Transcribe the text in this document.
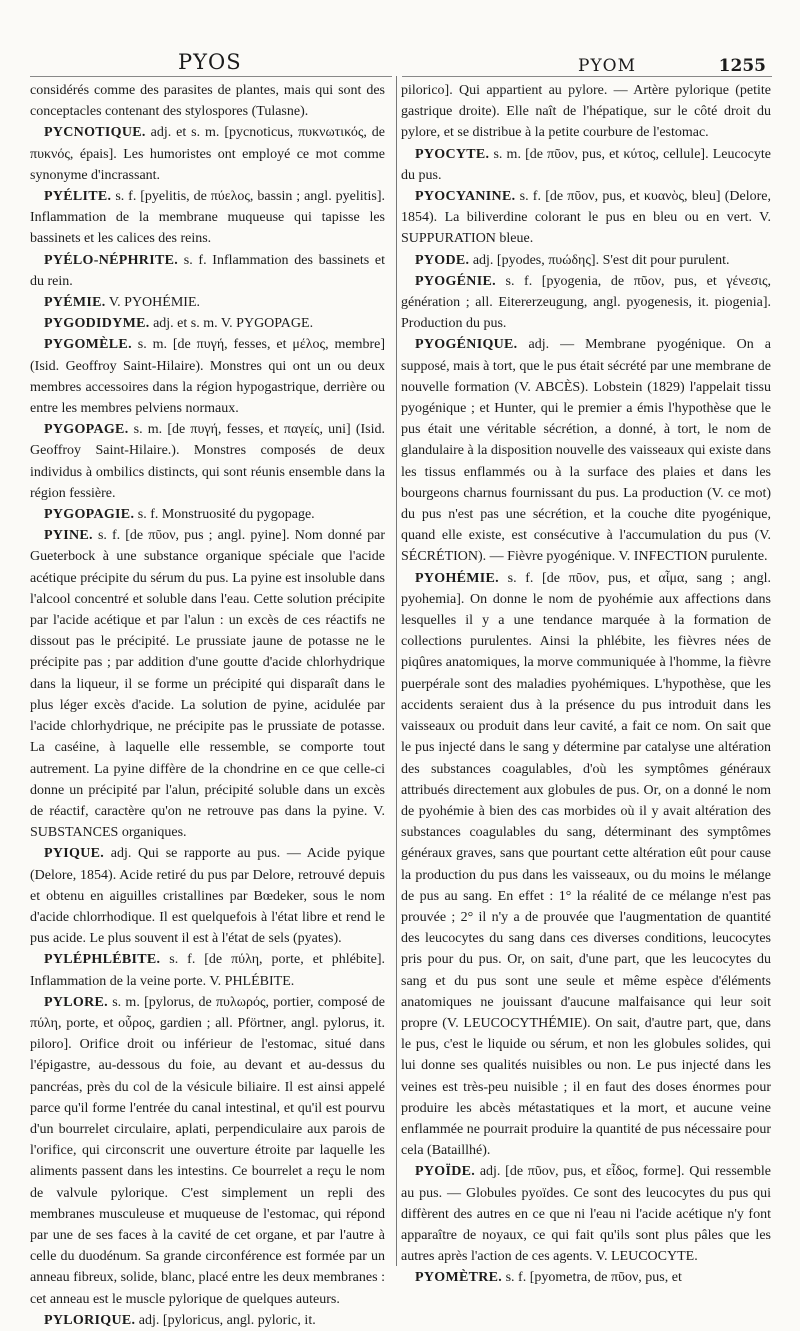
PYOS	PYOM	1255

considérés comme des parasites de plantes, mais qui sont des conceptacles contenant des stylospores (Tulasne).

PYCNOTIQUE. adj. et s. m. [pycnoticus, πυκνωτικός, de πυκνός, épais]. Les humoristes ont employé ce mot comme synonyme d'incrassant.

PYÉLITE. s. f. [pyelitis, de πύελος, bassin ; angl. pyelitis]. Inflammation de la membrane muqueuse qui tapisse les bassinets et les calices des reins.

PYÉLO-NÉPHRITE. s. f. Inflammation des bassinets et du rein.

PYÉMIE. V. PYOHÉMIE.

PYGODIDYME. adj. et s. m. V. PYGOPAGE.

PYGOMÈLE. s. m. [de πυγή, fesses, et μέλος, membre] (Isid. Geoffroy Saint-Hilaire). Monstres qui ont un ou deux membres accessoires dans la région hypogastrique, derrière ou entre les membres pelviens normaux.

PYGOPAGE. s. m. [de πυγή, fesses, et παγείς, uni] (Isid. Geoffroy Saint-Hilaire.). Monstres composés de deux individus à ombilics distincts, qui sont réunis ensemble dans la région fessière.

PYGOPAGIE. s. f. Monstruosité du pygopage.

PYINE. s. f. [de πῦον, pus ; angl. pyine]. Nom donné par Gueterbock à une substance organique spéciale que l'acide acétique précipite du sérum du pus. La pyine est insoluble dans l'alcool concentré et soluble dans l'eau. Cette solution précipite par l'acide acétique et par l'alun : un excès de ces réactifs ne dissout pas le précipité. Le prussiate jaune de potasse ne le précipite pas ; par addition d'une goutte d'acide chlorhydrique dans la liqueur, il se forme un précipité qui disparaît dans le plus léger excès d'acide. La solution de pyine, acidulée par l'acide chlorhydrique, ne précipite pas le prussiate de potasse. La caséine, à laquelle elle ressemble, se comporte tout autrement. La pyine diffère de la chondrine en ce que celle-ci donne un précipité par l'alun, précipité soluble dans un excès de réactif, caractère qu'on ne retrouve pas dans la pyine. V. SUBSTANCES organiques.

PYIQUE. adj. Qui se rapporte au pus. — Acide pyique (Delore, 1854). Acide retiré du pus par Delore, retrouvé depuis et obtenu en aiguilles cristallines par Bœdeker, sous le nom d'acide chlorrhodique. Il est quelquefois à l'état libre et rend le pus acide. Le plus souvent il est à l'état de sels (pyates).

PYLÉPHLÉBITE. s. f. [de πύλη, porte, et phlébite]. Inflammation de la veine porte. V. PHLÉBITE.

PYLORE. s. m. [pylorus, de πυλωρός, portier, composé de πύλη, porte, et οὖρος, gardien ; all. Pförtner, angl. pylorus, it. piloro]. Orifice droit ou inférieur de l'estomac, situé dans l'épigastre, au-dessous du foie, au devant et au-dessus du pancréas, près du col de la vésicule biliaire. Il est ainsi appelé parce qu'il forme l'entrée du canal intestinal, et qu'il est pourvu d'un bourrelet circulaire, aplati, perpendiculaire aux parois de l'orifice, qui circonscrit une ouverture étroite par laquelle les aliments passent dans les intestins. Ce bourrelet a reçu le nom de valvule pylorique. C'est simplement un repli des membranes musculeuse et muqueuse de l'estomac, qui répond par une de ses faces à la cavité de cet organe, et par l'autre à celle du duodénum. Sa grande circonférence est formée par un anneau fibreux, solide, blanc, placé entre les deux membranes : cet anneau est le muscle pylorique de quelques auteurs.

PYLORIQUE. adj. [pyloricus, angl. pyloric, it.

pilorico]. Qui appartient au pylore. — Artère pylorique (petite gastrique droite). Elle naît de l'hépatique, sur le côté droit du pylore, et se distribue à la petite courbure de l'estomac.

PYOCYTE. s. m. [de πῦον, pus, et κύτος, cellule]. Leucocyte du pus.

PYOCYANINE. s. f. [de πῦον, pus, et κυανὸς, bleu] (Delore, 1854). La biliverdine colorant le pus en bleu ou en vert. V. SUPPURATION bleue.

PYODE. adj. [pyodes, πυώδης]. S'est dit pour purulent.

PYOGÉNIE. s. f. [pyogenia, de πῦον, pus, et γένεσις, génération ; all. Eitererzeugung, angl. pyogenesis, it. piogenia]. Production du pus.

PYOGÉNIQUE. adj. — Membrane pyogénique. On a supposé, mais à tort, que le pus était sécrété par une membrane de nouvelle formation (V. ABCÈS). Lobstein (1829) l'appelait tissu pyogénique ; et Hunter, qui le premier a émis l'hypothèse que le pus était une véritable sécrétion, a donné, à tort, le nom de glandulaire à la disposition nouvelle des vaisseaux qui existe dans les tissus enflammés ou à la surface des plaies et dans les bourgeons charnus fournissant du pus. La production (V. ce mot) du pus n'est pas une sécrétion, et la couche dite pyogénique, quand elle existe, est consécutive à l'accumulation du pus (V. SÉCRÉTION). — Fièvre pyogénique. V. INFECTION purulente.

PYOHÉMIE. s. f. [de πῦον, pus, et αἷμα, sang ; angl. pyohemia]. On donne le nom de pyohémie aux affections dans lesquelles il y a une tendance marquée à la formation de collections purulentes. Ainsi la phlébite, les fièvres nées de piqûres anatomiques, la morve communiquée à l'homme, la fièvre puerpérale sont des maladies pyohémiques. L'hypothèse, que les accidents seraient dus à la présence du pus introduit dans les vaisseaux ou produit dans leur cavité, a fait ce nom. On sait que le pus injecté dans le sang y détermine par catalyse une altération des substances coagulables, d'où les symptômes généraux attribués directement aux globules de pus. Or, on a donné le nom de pyohémie à bien des cas morbides où il y avait altération des substances coagulables du sang, déterminant des symptômes généraux graves, sans que pourtant cette altération eût pour cause la production du pus dans les vaisseaux, ou du moins le mélange de pus au sang. En effet : 1° la réalité de ce mélange n'est pas prouvée ; 2° il n'y a de prouvée que l'augmentation de quantité des leucocytes du sang dans ces diverses conditions, leucocytes pris pour du pus. Or, on sait, d'une part, que les leucocytes du sang et du pus sont une seule et même espèce d'éléments anatomiques ne jouissant d'aucune malfaisance qui leur soit propre (V. LEUCOCYTHÉMIE). On sait, d'autre part, que, dans le pus, c'est le liquide ou sérum, et non les globules solides, qui lui donne ses qualités nuisibles ou non. Le pus injecté dans les veines est très-peu nuisible ; il en faut des doses énormes pour produire les abcès métastatiques et la mort, et aucune veine enflammée ne pourrait produire la quantité de pus nécessaire pour cela (Bataillhé).

PYOÏDE. adj. [de πῦον, pus, et εἶδος, forme]. Qui ressemble au pus. — Globules pyoïdes. Ce sont des leucocytes du pus qui diffèrent des autres en ce que ni l'eau ni l'acide acétique n'y font apparaître de noyaux, ce qui fait qu'ils sont plus pâles que les autres après l'action de ces agents. V. LEUCOCYTE.

PYOMÈTRE. s. f. [pyometra, de πῦον, pus, et
